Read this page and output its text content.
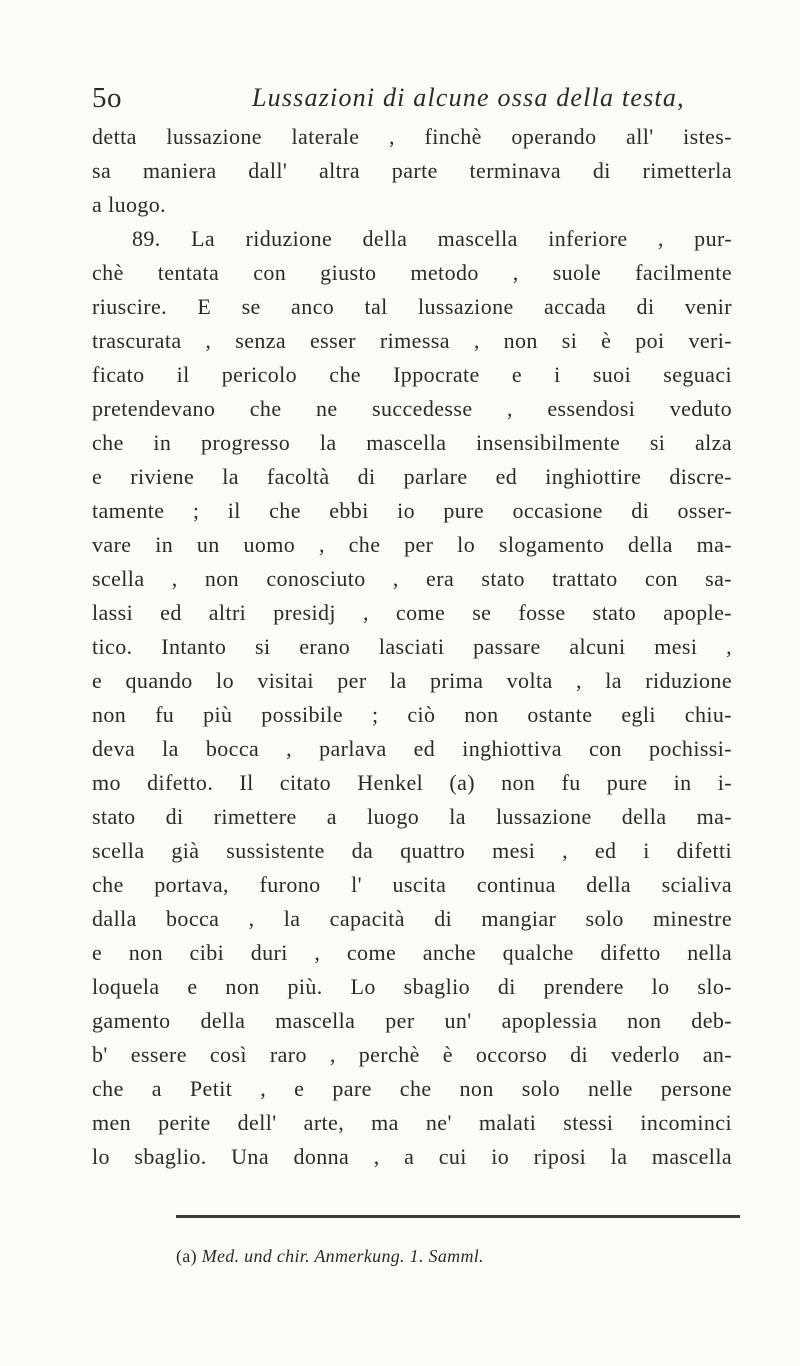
5o	Lussazioni di alcune ossa della testa,
detta lussazione laterale , finchè operando all' istes-
sa maniera dall' altra parte terminava di rimetterla
a luogo.
89. La riduzione della mascella inferiore , pur-
chè tentata con giusto metodo , suole facilmente
riuscire. E se anco tal lussazione accada di venir
trascurata , senza esser rimessa , non si è poi veri-
ficato il pericolo che Ippocrate e i suoi seguaci
pretendevano che ne succedesse , essendosi veduto
che in progresso la mascella insensibilmente si alza
e riviene la facoltà di parlare ed inghiottire discre-
tamente ; il che ebbi io pure occasione di osser-
vare in un uomo , che per lo slogamento della ma-
scella , non conosciuto , era stato trattato con sa-
lassi ed altri presidj , come se fosse stato apople-
tico. Intanto si erano lasciati passare alcuni mesi ,
e quando lo visitai per la prima volta , la riduzione
non fu più possibile ; ciò non ostante egli chiu-
deva la bocca , parlava ed inghiottiva con pochissi-
mo difetto. Il citato Henkel (a) non fu pure in i-
stato di rimettere a luogo la lussazione della ma-
scella già sussistente da quattro mesi , ed i difetti
che portava, furono l' uscita continua della scialiva
dalla bocca , la capacità di mangiar solo minestre
e non cibi duri , come anche qualche difetto nella
loquela e non più. Lo sbaglio di prendere lo slo-
gamento della mascella per un' apoplessia non deb-
b' essere così raro , perchè è occorso di vederlo an-
che a Petit , e pare che non solo nelle persone
men perite dell' arte, ma ne' malati stessi incominci
lo sbaglio. Una donna , a cui io riposi la mascella
(a) Med. und chir. Anmerkung. 1. Samml.
